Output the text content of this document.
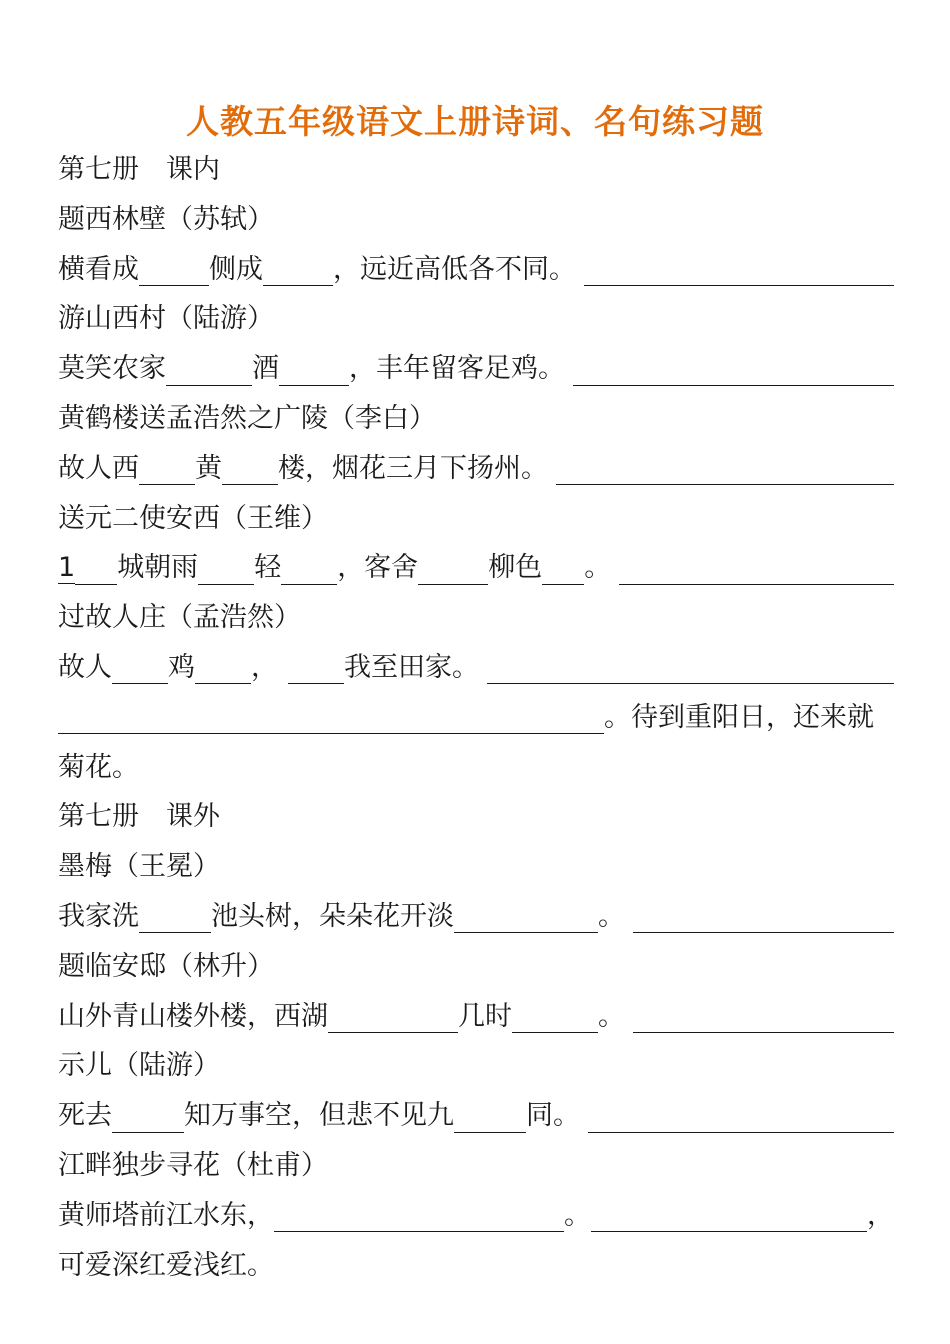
人教五年级语文上册诗词、名句练习题
第七册　课内
题西林壁（苏轼）
横看成	侧成	，远近高低各不同。
游山西村（陆游）
莫笑农家	酒	，丰年留客足鸡。
黄鹤楼送孟浩然之广陵（李白）
故人西 黄 楼，烟花三月下扬州。
送元二使安西（王维）
1 城朝雨 轻 ，客舍	柳色 。
过故人庄（孟浩然）
故人 鸡 ， 我至田家。
。待到重阳日，还来就
菊花。
第七册　课外
墨梅（王冕）
我家洗	池头树，朵朵花开淡	。
题临安邸（林升）
山外青山楼外楼，西湖	几时	。
示儿（陆游）
死去	知万事空，但悲不见九	同。
江畔独步寻花（杜甫）
黄师塔前江水东，	。	，
可爱深红爱浅红。
